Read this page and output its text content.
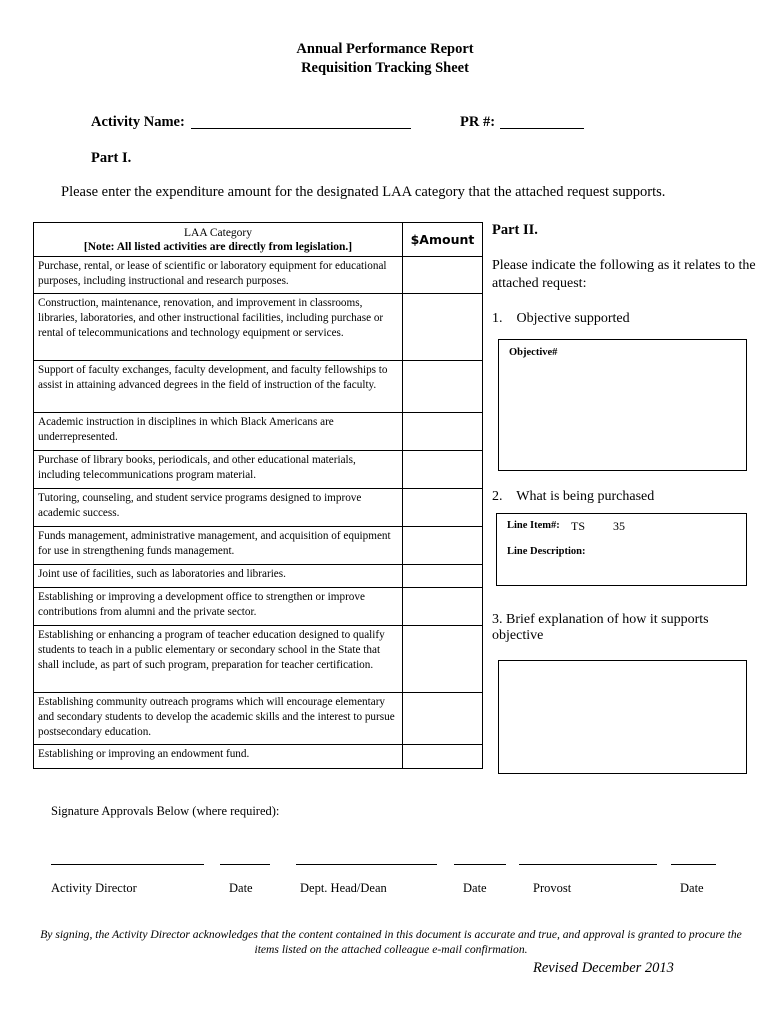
Annual Performance Report
Requisition Tracking Sheet
Activity Name:	PR #:
Part I.
Please enter the expenditure amount for the designated LAA category that the attached request supports.
LAA Category
[Note: All listed activities are directly from legislation.]	$Amount
Purchase, rental, or lease of scientific or laboratory equipment for educational purposes, including instructional and research purposes.	
Construction, maintenance, renovation, and improvement in classrooms, libraries, laboratories, and other instructional facilities, including purchase or rental of telecommunications and technology equipment or services.	
Support of faculty exchanges, faculty development, and faculty fellowships to assist in attaining advanced degrees in the field of instruction of the faculty.	
Academic instruction in disciplines in which Black Americans are underrepresented.	
Purchase of library books, periodicals, and other educational materials, including telecommunications program material.	
Tutoring, counseling, and student service programs designed to improve academic success.	
Funds management, administrative management, and acquisition of equipment for use in strengthening funds management.	
Joint use of facilities, such as laboratories and libraries.	
Establishing or improving a development office to strengthen or improve contributions from alumni and the private sector.	
Establishing or enhancing a program of teacher education designed to qualify students to teach in a public elementary or secondary school in the State that shall include, as part of such program, preparation for teacher certification.	
Establishing community outreach programs which will encourage elementary and secondary students to develop the academic skills and the interest to pursue postsecondary education.	
Establishing or improving an endowment fund.	
Part II.
Please indicate the following as it relates to the attached request:
1.    Objective supported
Objective#
2.    What is being purchased
Line Item#: TS 35
Line Description:
3. Brief explanation of how it supports objective
Signature Approvals Below (where required):
Activity Director	Date	Dept. Head/Dean	Date	Provost	Date
By signing, the Activity Director acknowledges that the content contained in this document is accurate and true, and approval is granted to procure the items listed on the attached colleague e-mail confirmation.
Revised December 2013
